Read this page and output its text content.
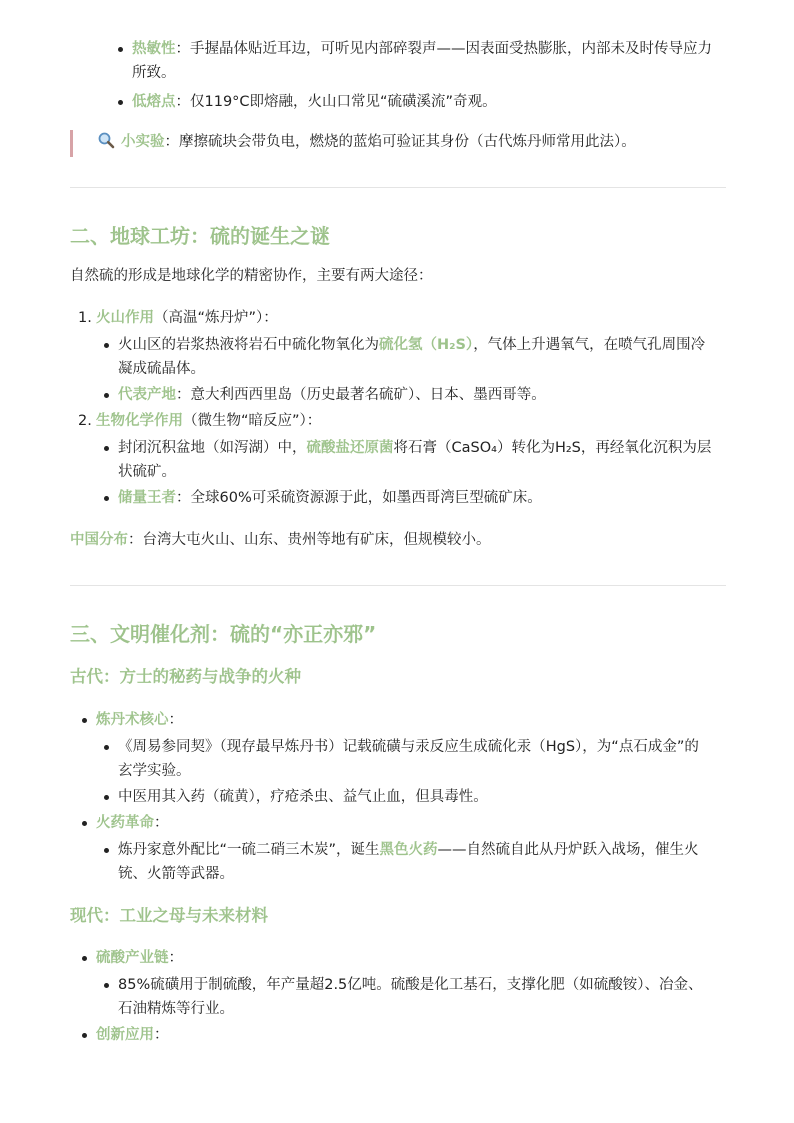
热敏性：手握晶体贴近耳边，可听见内部碎裂声——因表面受热膨胀，内部未及时传导应力所致。
低熔点：仅119°C即熔融，火山口常见“硫磺溪流”奇观。
小实验：摩擦硫块会带负电，燃烧的蓝焰可验证其身份（古代炼丹师常用此法）。
二、地球工坊：硫的诞生之谜

自然硫的形成是地球化学的精密协作，主要有两大途径：

1. 火山作用（高温“炼丹炉”）：
火山区的岩浆热液将岩石中硫化物氧化为硫化氢（H₂S），气体上升遇氧气，在喷气孔周围冷凝成硫晶体。
代表产地：意大利西西里岛（历史最著名硫矿）、日本、墨西哥等。
2. 生物化学作用（微生物“暗反应”）：
封闭沉积盆地（如泻湖）中，硫酸盐还原菌将石膏（CaSO₄）转化为H₂S，再经氧化沉积为层状硫矿。
储量王者：全球60%可采硫资源源于此，如墨西哥湾巨型硫矿床。

中国分布：台湾大屯火山、山东、贵州等地有矿床，但规模较小。

三、文明催化剂：硫的“亦正亦邪”
古代：方士的秘药与战争的火种
炼丹术核心：
《周易参同契》（现存最早炼丹书）记载硫磺与汞反应生成硫化汞（HgS），为“点石成金”的玄学实验。
中医用其入药（硫黄），疗疮杀虫、益气止血，但具毒性。
火药革命：
炼丹家意外配比“一硫二硝三木炭”，诞生黑色火药——自然硫自此从丹炉跃入战场，催生火铳、火箭等武器。
现代：工业之母与未来材料
硫酸产业链：
85%硫磺用于制硫酸，年产量超2.5亿吨。硫酸是化工基石，支撑化肥（如硫酸铵）、冶金、石油精炼等行业。
创新应用：
